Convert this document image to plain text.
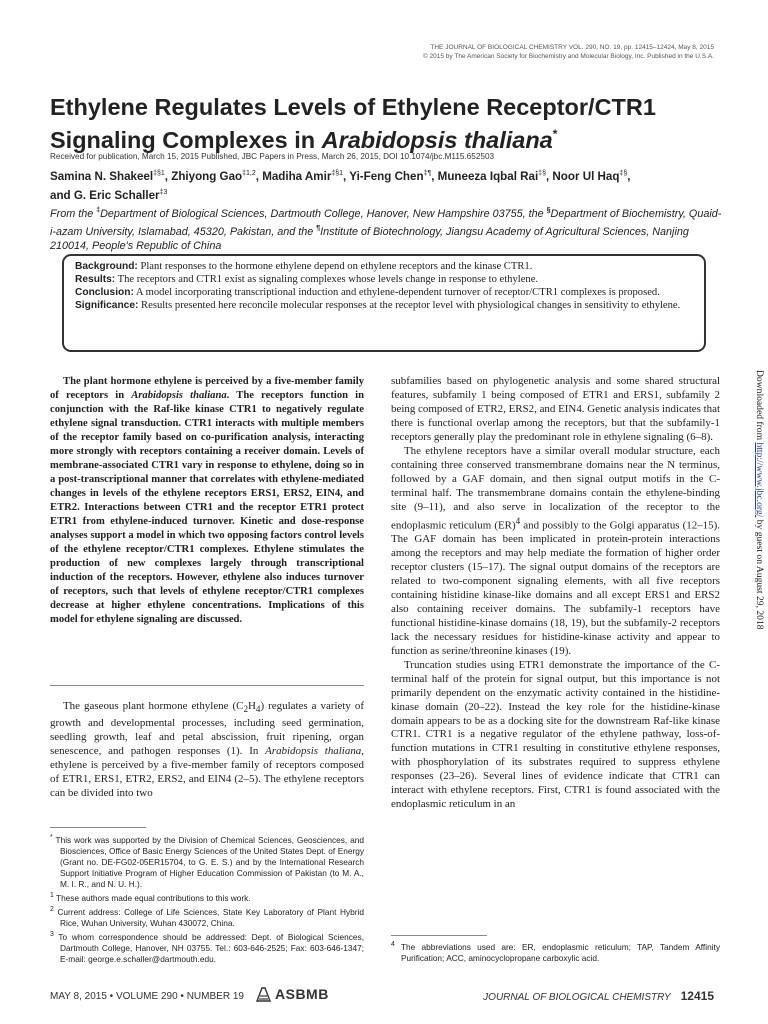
THE JOURNAL OF BIOLOGICAL CHEMISTRY VOL. 290, NO. 19, pp. 12415–12424, May 8, 2015
© 2015 by The American Society for Biochemistry and Molecular Biology, Inc. Published in the U.S.A.
Ethylene Regulates Levels of Ethylene Receptor/CTR1
Signaling Complexes in Arabidopsis thaliana*
Received for publication, March 15, 2015 Published, JBC Papers in Press, March 26, 2015, DOI 10.1074/jbc.M115.652503
Samina N. Shakeel$^{\ddagger\S 1}$, Zhiyong Gao$^{\ddagger 1,2}$, Madiha Amir$^{\ddagger\S 1}$, Yi-Feng Chen‡¶, Muneeza Iqbal Rai‡§, Noor Ul Haq‡§,
and G. Eric Schaller$^{\ddagger 3}$
From the ‡Department of Biological Sciences, Dartmouth College, Hanover, New Hampshire 03755, the §Department of Biochemistry, Quaid-i-azam University, Islamabad, 45320, Pakistan, and the ¶Institute of Biotechnology, Jiangsu Academy of Agricultural Sciences, Nanjing 210014, People's Republic of China

Background: Plant responses to the hormone ethylene depend on ethylene receptors and the kinase CTR1.

Results: The receptors and CTR1 exist as signaling complexes whose levels change in response to ethylene.

Conclusion: A model incorporating transcriptional induction and ethylene-dependent turnover of receptor/CTR1 complexes is proposed.

Significance: Results presented here reconcile molecular responses at the receptor level with physiological changes in sensitivity to ethylene.

The plant hormone ethylene is perceived by a five-member family of receptors in Arabidopsis thaliana. The receptors function in conjunction with the Raf-like kinase CTR1 to negatively regulate ethylene signal transduction. CTR1 interacts with multiple members of the receptor family based on co-purification analysis, interacting more strongly with receptors containing a receiver domain. Levels of membrane-associated CTR1 vary in response to ethylene, doing so in a post-transcriptional manner that correlates with ethylene-mediated changes in levels of the ethylene receptors ERS1, ERS2, EIN4, and ETR2. Interactions between CTR1 and the receptor ETR1 protect ETR1 from ethylene-induced turnover. Kinetic and dose-response analyses support a model in which two opposing factors control levels of the ethylene receptor/CTR1 complexes. Ethylene stimulates the production of new complexes largely through transcriptional induction of the receptors. However, ethylene also induces turnover of receptors, such that levels of ethylene receptor/CTR1 complexes decrease at higher ethylene concentrations. Implications of this model for ethylene signaling are discussed.

The gaseous plant hormone ethylene $(C_2H_4)$ regulates a variety of growth and developmental processes, including seed germination, seedling growth, leaf and petal abscission, fruit ripening, organ senescence, and pathogen responses (1). In Arabidopsis thaliana, ethylene is perceived by a five-member family of receptors composed of ETR1, ERS1, ETR2, ERS2, and EIN4 (2–5). The ethylene receptors can be divided into two

* This work was supported by the Division of Chemical Sciences, Geosciences, and Biosciences, Office of Basic Energy Sciences of the United States Dept. of Energy (Grant no. DE-FG02-05ER15704, to G. E. S.) and by the International Research Support Initiative Program of Higher Education Commission of Pakistan (to M. A., M. I. R., and N. U. H.).

$^1$ These authors made equal contributions to this work.

$^2$ Current address: College of Life Sciences, State Key Laboratory of Plant Hybrid Rice, Wuhan University, Wuhan 430072, China.

$^3$ To whom correspondence should be addressed: Dept. of Biological Sciences, Dartmouth College, Hanover, NH 03755. Tel.: 603-646-2525; Fax: 603-646-1347; E-mail: george.e.schaller@dartmouth.edu.

subfamilies based on phylogenetic analysis and some shared structural features, subfamily 1 being composed of ETR1 and ERS1, subfamily 2 being composed of ETR2, ERS2, and EIN4. Genetic analysis indicates that there is functional overlap among the receptors, but that the subfamily-1 receptors generally play the predominant role in ethylene signaling (6–8).

The ethylene receptors have a similar overall modular structure, each containing three conserved transmembrane domains near the N terminus, followed by a GAF domain, and then signal output motifs in the C-terminal half. The transmembrane domains contain the ethylene-binding site (9–11), and also serve in localization of the receptor to the endoplasmic reticulum (ER)$^4$ and possibly to the Golgi apparatus (12–15). The GAF domain has been implicated in protein-protein interactions among the receptors and may help mediate the formation of higher order receptor clusters (15–17). The signal output domains of the receptors are related to two-component signaling elements, with all five receptors containing histidine kinase-like domains and all except ERS1 and ERS2 also containing receiver domains. The subfamily-1 receptors have functional histidine-kinase domains (18, 19), but the subfamily-2 receptors lack the necessary residues for histidine-kinase activity and appear to function as serine/threonine kinases (19).

Truncation studies using ETR1 demonstrate the importance of the C-terminal half of the protein for signal output, but this importance is not primarily dependent on the enzymatic activity contained in the histidine-kinase domain (20–22). Instead the key role for the histidine-kinase domain appears to be as a docking site for the downstream Raf-like kinase CTR1. CTR1 is a negative regulator of the ethylene pathway, loss-of-function mutations in CTR1 resulting in constitutive ethylene responses, with phosphorylation of its substrates required to suppress ethylene responses (23–26). Several lines of evidence indicate that CTR1 can interact with ethylene receptors. First, CTR1 is found associated with the endoplasmic reticulum in an

$^4$ The abbreviations used are: ER, endoplasmic reticulum; TAP, Tandem Affinity Purification; ACC, aminocyclopropane carboxylic acid.

Downloaded from http://www.jbc.org/ by guest on August 29, 2018
MAY 8, 2015 • VOLUME 290 • NUMBER 19 ASBMB	JOURNAL OF BIOLOGICAL CHEMISTRY 12415
